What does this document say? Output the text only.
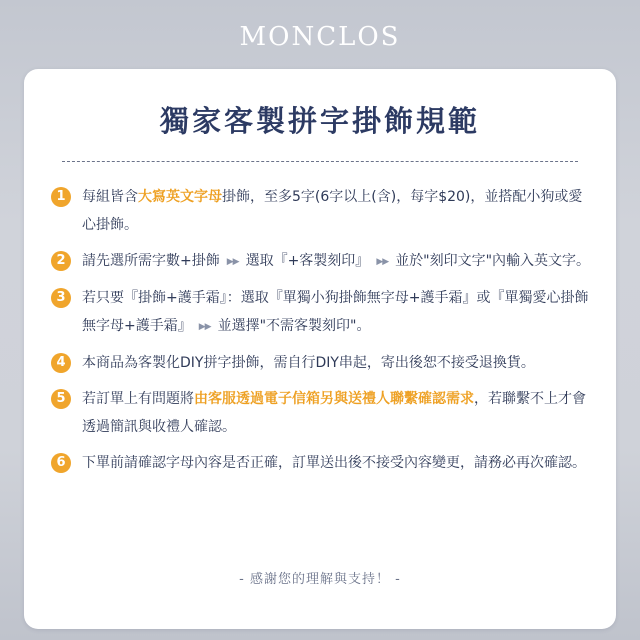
MONCLOS
獨家客製拼字掛飾規範
1	每組皆含大寫英文字母掛飾，至多5字(6字以上(含)，每字$20)，並搭配小狗或愛心掛飾。
2	請先選所需字數+掛飾 ▶▶ 選取『+客製刻印』 ▶▶ 並於"刻印文字"內輸入英文字。
3	若只要『掛飾+護手霜』：選取『單獨小狗掛飾無字母+護手霜』或『單獨愛心掛飾無字母+護手霜』 ▶▶ 並選擇"不需客製刻印"。
4	本商品為客製化DIY拼字掛飾，需自行DIY串起，寄出後恕不接受退換貨。
5	若訂單上有問題將由客服透過電子信箱另與送禮人聯繫確認需求，若聯繫不上才會透過簡訊與收禮人確認。
6	下單前請確認字母內容是否正確，訂單送出後不接受內容變更，請務必再次確認。
- 感謝您的理解與支持！ -
